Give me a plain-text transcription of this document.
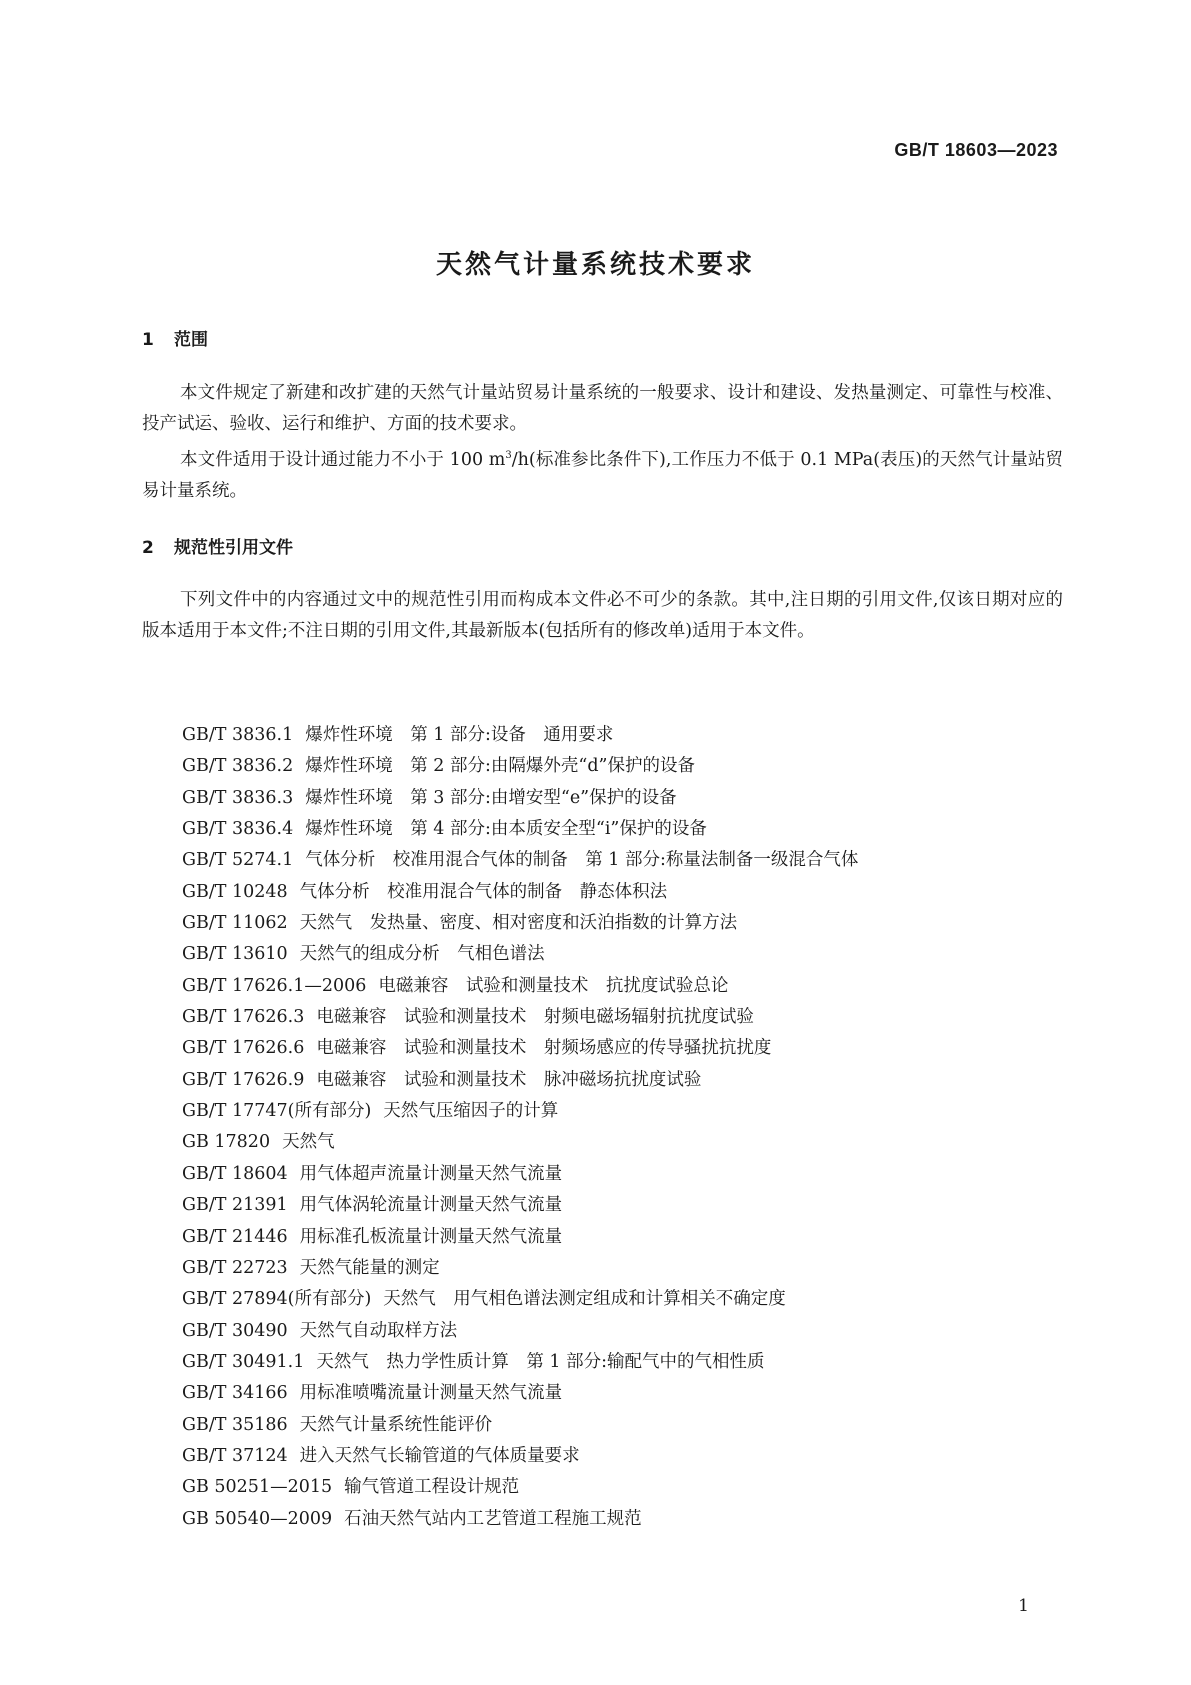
GB/T 18603—2023
天然气计量系统技术要求
1 范围
本文件规定了新建和改扩建的天然气计量站贸易计量系统的一般要求、设计和建设、发热量测定、可靠性与校准、投产试运、验收、运行和维护、方面的技术要求。
本文件适用于设计通过能力不小于 100 $m^3/h$(标准参比条件下),工作压力不低于 0.1 MPa(表压)的天然气计量站贸易计量系统。
2 规范性引用文件
下列文件中的内容通过文中的规范性引用而构成本文件必不可少的条款。其中,注日期的引用文件,仅该日期对应的版本适用于本文件;不注日期的引用文件,其最新版本(包括所有的修改单)适用于本文件。
GB/T 3836.1 爆炸性环境　第 1 部分:设备　通用要求
GB/T 3836.2 爆炸性环境　第 2 部分:由隔爆外壳“d”保护的设备
GB/T 3836.3 爆炸性环境　第 3 部分:由增安型“e”保护的设备
GB/T 3836.4 爆炸性环境　第 4 部分:由本质安全型“i”保护的设备
GB/T 5274.1 气体分析　校准用混合气体的制备　第 1 部分:称量法制备一级混合气体
GB/T 10248 气体分析　校准用混合气体的制备　静态体积法
GB/T 11062 天然气　发热量、密度、相对密度和沃泊指数的计算方法
GB/T 13610 天然气的组成分析　气相色谱法
GB/T 17626.1—2006 电磁兼容　试验和测量技术　抗扰度试验总论
GB/T 17626.3 电磁兼容　试验和测量技术　射频电磁场辐射抗扰度试验
GB/T 17626.6 电磁兼容　试验和测量技术　射频场感应的传导骚扰抗扰度
GB/T 17626.9 电磁兼容　试验和测量技术　脉冲磁场抗扰度试验
GB/T 17747(所有部分) 天然气压缩因子的计算
GB 17820 天然气
GB/T 18604 用气体超声流量计测量天然气流量
GB/T 21391 用气体涡轮流量计测量天然气流量
GB/T 21446 用标准孔板流量计测量天然气流量
GB/T 22723 天然气能量的测定
GB/T 27894(所有部分) 天然气　用气相色谱法测定组成和计算相关不确定度
GB/T 30490 天然气自动取样方法
GB/T 30491.1 天然气　热力学性质计算　第 1 部分:输配气中的气相性质
GB/T 34166 用标准喷嘴流量计测量天然气流量
GB/T 35186 天然气计量系统性能评价
GB/T 37124 进入天然气长输管道的气体质量要求
GB 50251—2015 输气管道工程设计规范
GB 50540—2009 石油天然气站内工艺管道工程施工规范
1
